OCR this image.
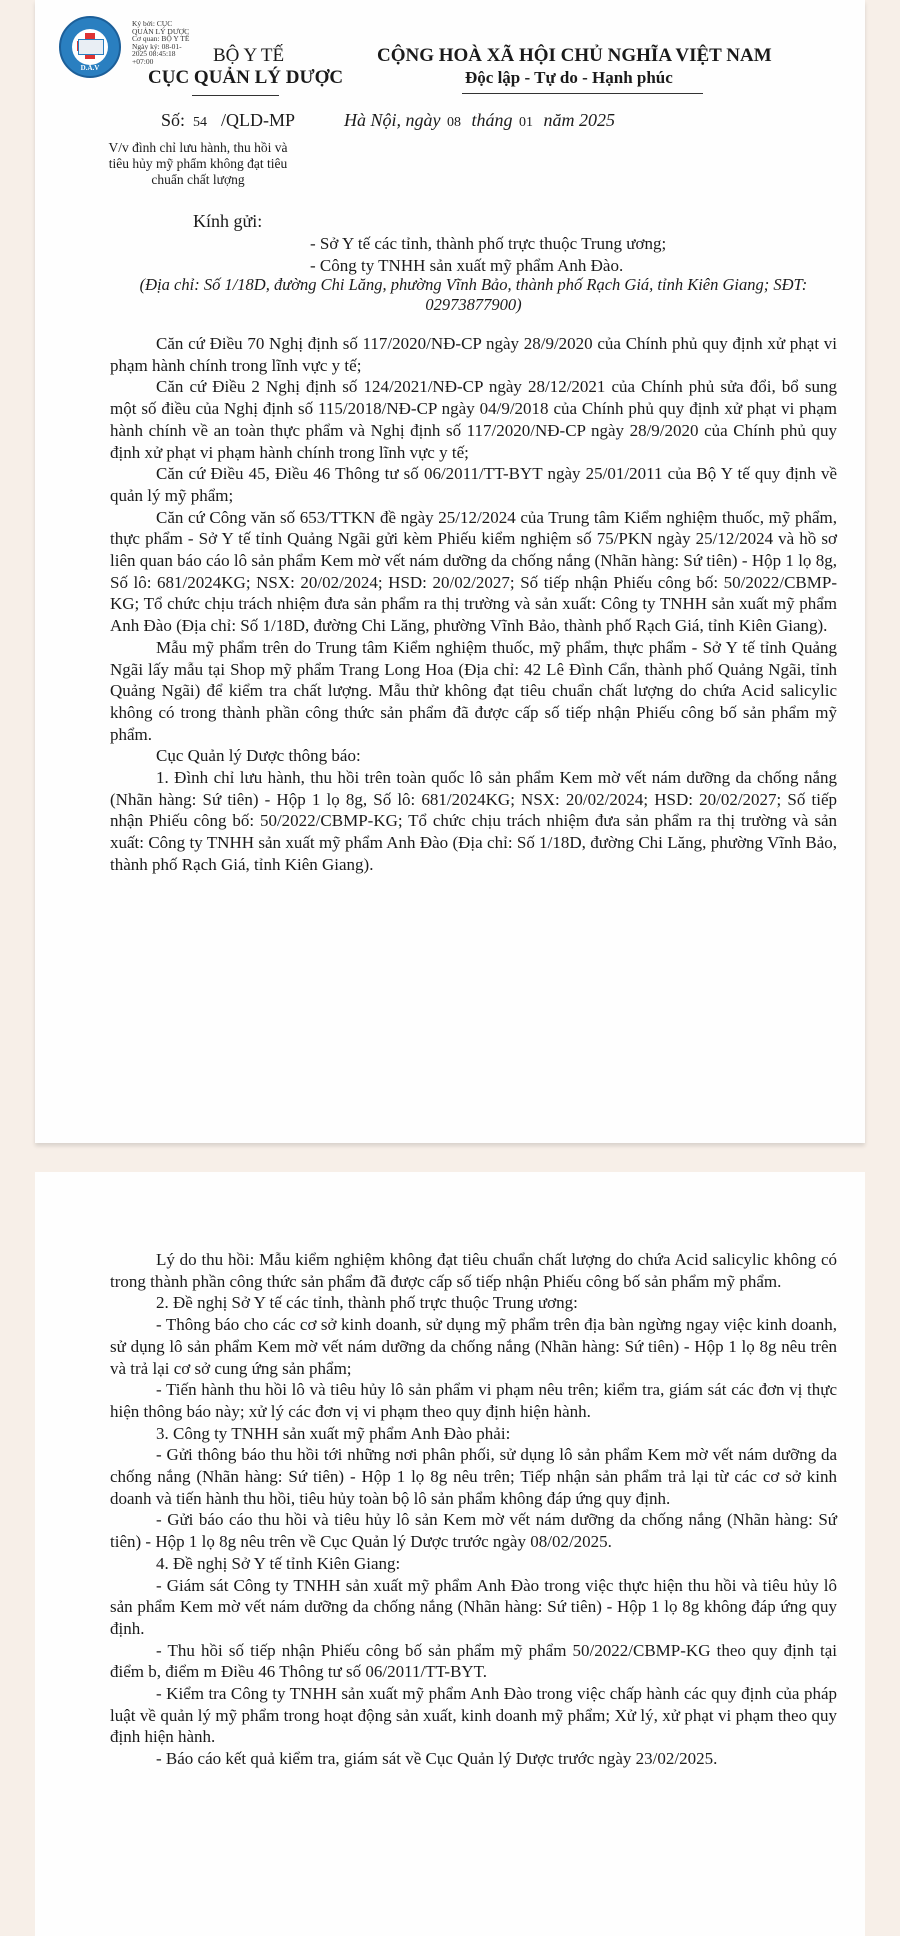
D.A.V
Ký bởi: CỤC QUẢN LÝ DƯỢC
Cơ quan: BỘ Y TẾ
Ngày ký: 08-01-2025 08:45:18 +07:00	BỘ Y TẾ
CỤC QUẢN LÝ DƯỢC
CỘNG HOÀ XÃ HỘI CHỦ NGHĨA VIỆT NAM
Độc lập - Tự do - Hạnh phúc
Số: 54 /QLD-MP	Hà Nội, ngày 08 tháng 01 năm 2025
V/v đình chỉ lưu hành, thu hồi và tiêu hủy mỹ phẩm không đạt tiêu chuẩn chất lượng
Kính gửi:
- Sở Y tế các tỉnh, thành phố trực thuộc Trung ương;
- Công ty TNHH sản xuất mỹ phẩm Anh Đào.
(Địa chỉ: Số 1/18D, đường Chi Lăng, phường Vĩnh Bảo, thành phố Rạch Giá, tỉnh Kiên Giang; SĐT: 02973877900)

Căn cứ Điều 70 Nghị định số 117/2020/NĐ-CP ngày 28/9/2020 của Chính phủ quy định xử phạt vi phạm hành chính trong lĩnh vực y tế;

Căn cứ Điều 2 Nghị định số 124/2021/NĐ-CP ngày 28/12/2021 của Chính phủ sửa đổi, bổ sung một số điều của Nghị định số 115/2018/NĐ-CP ngày 04/9/2018 của Chính phủ quy định xử phạt vi phạm hành chính về an toàn thực phẩm và Nghị định số 117/2020/NĐ-CP ngày 28/9/2020 của Chính phủ quy định xử phạt vi phạm hành chính trong lĩnh vực y tế;

Căn cứ Điều 45, Điều 46 Thông tư số 06/2011/TT-BYT ngày 25/01/2011 của Bộ Y tế quy định về quản lý mỹ phẩm;

Căn cứ Công văn số 653/TTKN đề ngày 25/12/2024 của Trung tâm Kiểm nghiệm thuốc, mỹ phẩm, thực phẩm - Sở Y tế tỉnh Quảng Ngãi gửi kèm Phiếu kiểm nghiệm số 75/PKN ngày 25/12/2024 và hồ sơ liên quan báo cáo lô sản phẩm Kem mờ vết nám dưỡng da chống nắng (Nhãn hàng: Sứ tiên) - Hộp 1 lọ 8g, Số lô: 681/2024KG; NSX: 20/02/2024; HSD: 20/02/2027; Số tiếp nhận Phiếu công bố: 50/2022/CBMP-KG; Tổ chức chịu trách nhiệm đưa sản phẩm ra thị trường và sản xuất: Công ty TNHH sản xuất mỹ phẩm Anh Đào (Địa chỉ: Số 1/18D, đường Chi Lăng, phường Vĩnh Bảo, thành phố Rạch Giá, tỉnh Kiên Giang).

Mẫu mỹ phẩm trên do Trung tâm Kiểm nghiệm thuốc, mỹ phẩm, thực phẩm - Sở Y tế tỉnh Quảng Ngãi lấy mẫu tại Shop mỹ phẩm Trang Long Hoa (Địa chỉ: 42 Lê Đình Cẩn, thành phố Quảng Ngãi, tỉnh Quảng Ngãi) để kiểm tra chất lượng. Mẫu thử không đạt tiêu chuẩn chất lượng do chứa Acid salicylic không có trong thành phần công thức sản phẩm đã được cấp số tiếp nhận Phiếu công bố sản phẩm mỹ phẩm.

Cục Quản lý Dược thông báo:

1. Đình chỉ lưu hành, thu hồi trên toàn quốc lô sản phẩm Kem mờ vết nám dưỡng da chống nắng (Nhãn hàng: Sứ tiên) - Hộp 1 lọ 8g, Số lô: 681/2024KG; NSX: 20/02/2024; HSD: 20/02/2027; Số tiếp nhận Phiếu công bố: 50/2022/CBMP-KG; Tổ chức chịu trách nhiệm đưa sản phẩm ra thị trường và sản xuất: Công ty TNHH sản xuất mỹ phẩm Anh Đào (Địa chỉ: Số 1/18D, đường Chi Lăng, phường Vĩnh Bảo, thành phố Rạch Giá, tỉnh Kiên Giang).

Lý do thu hồi: Mẫu kiểm nghiệm không đạt tiêu chuẩn chất lượng do chứa Acid salicylic không có trong thành phần công thức sản phẩm đã được cấp số tiếp nhận Phiếu công bố sản phẩm mỹ phẩm.

2. Đề nghị Sở Y tế các tỉnh, thành phố trực thuộc Trung ương:

- Thông báo cho các cơ sở kinh doanh, sử dụng mỹ phẩm trên địa bàn ngừng ngay việc kinh doanh, sử dụng lô sản phẩm Kem mờ vết nám dưỡng da chống nắng (Nhãn hàng: Sứ tiên) - Hộp 1 lọ 8g nêu trên và trả lại cơ sở cung ứng sản phẩm;

- Tiến hành thu hồi lô và tiêu hủy lô sản phẩm vi phạm nêu trên; kiểm tra, giám sát các đơn vị thực hiện thông báo này; xử lý các đơn vị vi phạm theo quy định hiện hành.

3. Công ty TNHH sản xuất mỹ phẩm Anh Đào phải:

- Gửi thông báo thu hồi tới những nơi phân phối, sử dụng lô sản phẩm Kem mờ vết nám dưỡng da chống nắng (Nhãn hàng: Sứ tiên) - Hộp 1 lọ 8g nêu trên; Tiếp nhận sản phẩm trả lại từ các cơ sở kinh doanh và tiến hành thu hồi, tiêu hủy toàn bộ lô sản phẩm không đáp ứng quy định.

- Gửi báo cáo thu hồi và tiêu hủy lô sản Kem mờ vết nám dưỡng da chống nắng (Nhãn hàng: Sứ tiên) - Hộp 1 lọ 8g nêu trên về Cục Quản lý Dược trước ngày 08/02/2025.

4. Đề nghị Sở Y tế tỉnh Kiên Giang:

- Giám sát Công ty TNHH sản xuất mỹ phẩm Anh Đào trong việc thực hiện thu hồi và tiêu hủy lô sản phẩm Kem mờ vết nám dưỡng da chống nắng (Nhãn hàng: Sứ tiên) - Hộp 1 lọ 8g không đáp ứng quy định.

- Thu hồi số tiếp nhận Phiếu công bố sản phẩm mỹ phẩm 50/2022/CBMP-KG theo quy định tại điểm b, điểm m Điều 46 Thông tư số 06/2011/TT-BYT.

- Kiểm tra Công ty TNHH sản xuất mỹ phẩm Anh Đào trong việc chấp hành các quy định của pháp luật về quản lý mỹ phẩm trong hoạt động sản xuất, kinh doanh mỹ phẩm; Xử lý, xử phạt vi phạm theo quy định hiện hành.

- Báo cáo kết quả kiểm tra, giám sát về Cục Quản lý Dược trước ngày 23/02/2025.
